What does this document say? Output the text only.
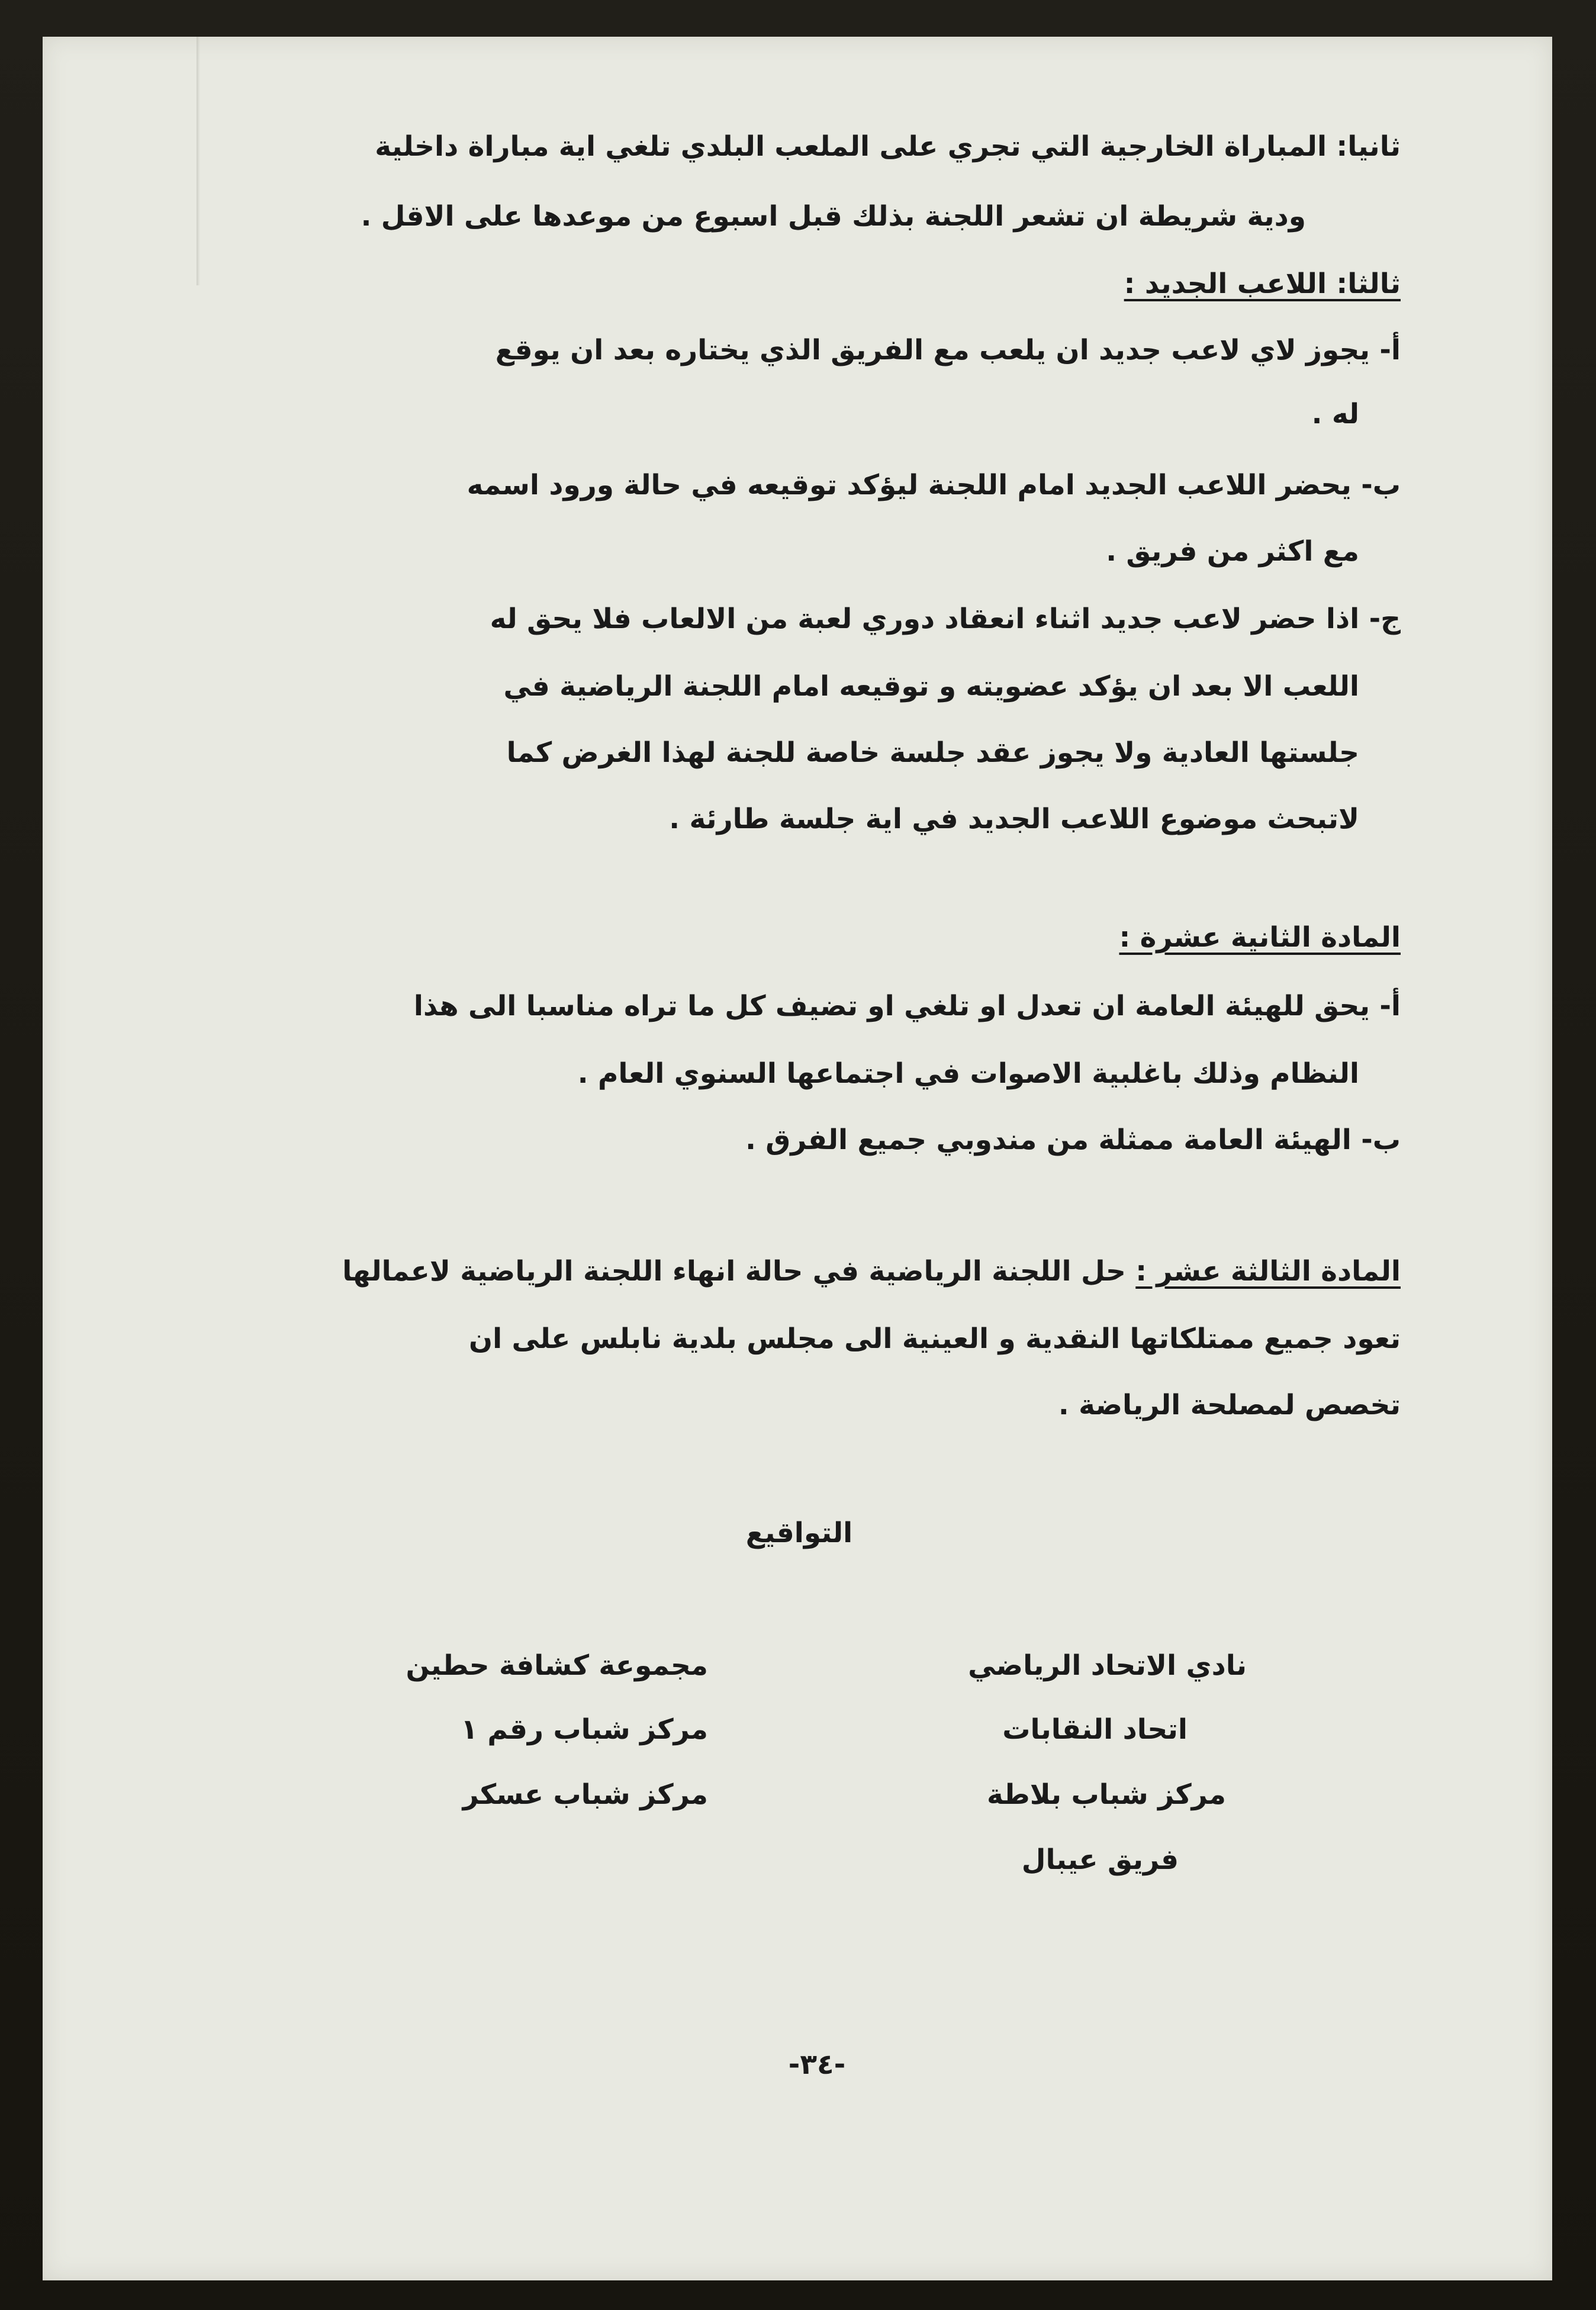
ثانيا: المباراة الخارجية التي تجري على الملعب البلدي تلغي اية مباراة داخلية
ودية شريطة ان تشعر اللجنة بذلك قبل اسبوع من موعدها على الاقل .
ثالثا: اللاعب الجديد :
أ- يجوز لاي لاعب جديد ان يلعب مع الفريق الذي يختاره بعد ان يوقع
له .
ب- يحضر اللاعب الجديد امام اللجنة ليؤكد توقيعه في حالة ورود اسمه
مع اكثر من فريق .
ج- اذا حضر لاعب جديد اثناء انعقاد دوري لعبة من الالعاب فلا يحق له
اللعب الا بعد ان يؤكد عضويته و توقيعه امام اللجنة الرياضية في
جلستها العادية ولا يجوز عقد جلسة خاصة للجنة لهذا الغرض كما
لاتبحث موضوع اللاعب الجديد في اية جلسة طارئة .
المادة الثانية عشرة :
أ- يحق للهيئة العامة ان تعدل او تلغي او تضيف كل ما تراه مناسبا الى هذا
النظام وذلك باغلبية الاصوات في اجتماعها السنوي العام .
ب- الهيئة العامة ممثلة من مندوبي جميع الفرق .
المادة الثالثة عشر : حل اللجنة الرياضية في حالة انهاء اللجنة الرياضية لاعمالها
تعود جميع ممتلكاتها النقدية و العينية الى مجلس بلدية نابلس على ان
تخصص لمصلحة الرياضة .
التواقيع
نادي الاتحاد الرياضي
اتحاد النقابات
مركز شباب بلاطة
فريق عيبال
مجموعة كشافة حطين
مركز شباب رقم ١
مركز شباب عسكر
-٣٤-
